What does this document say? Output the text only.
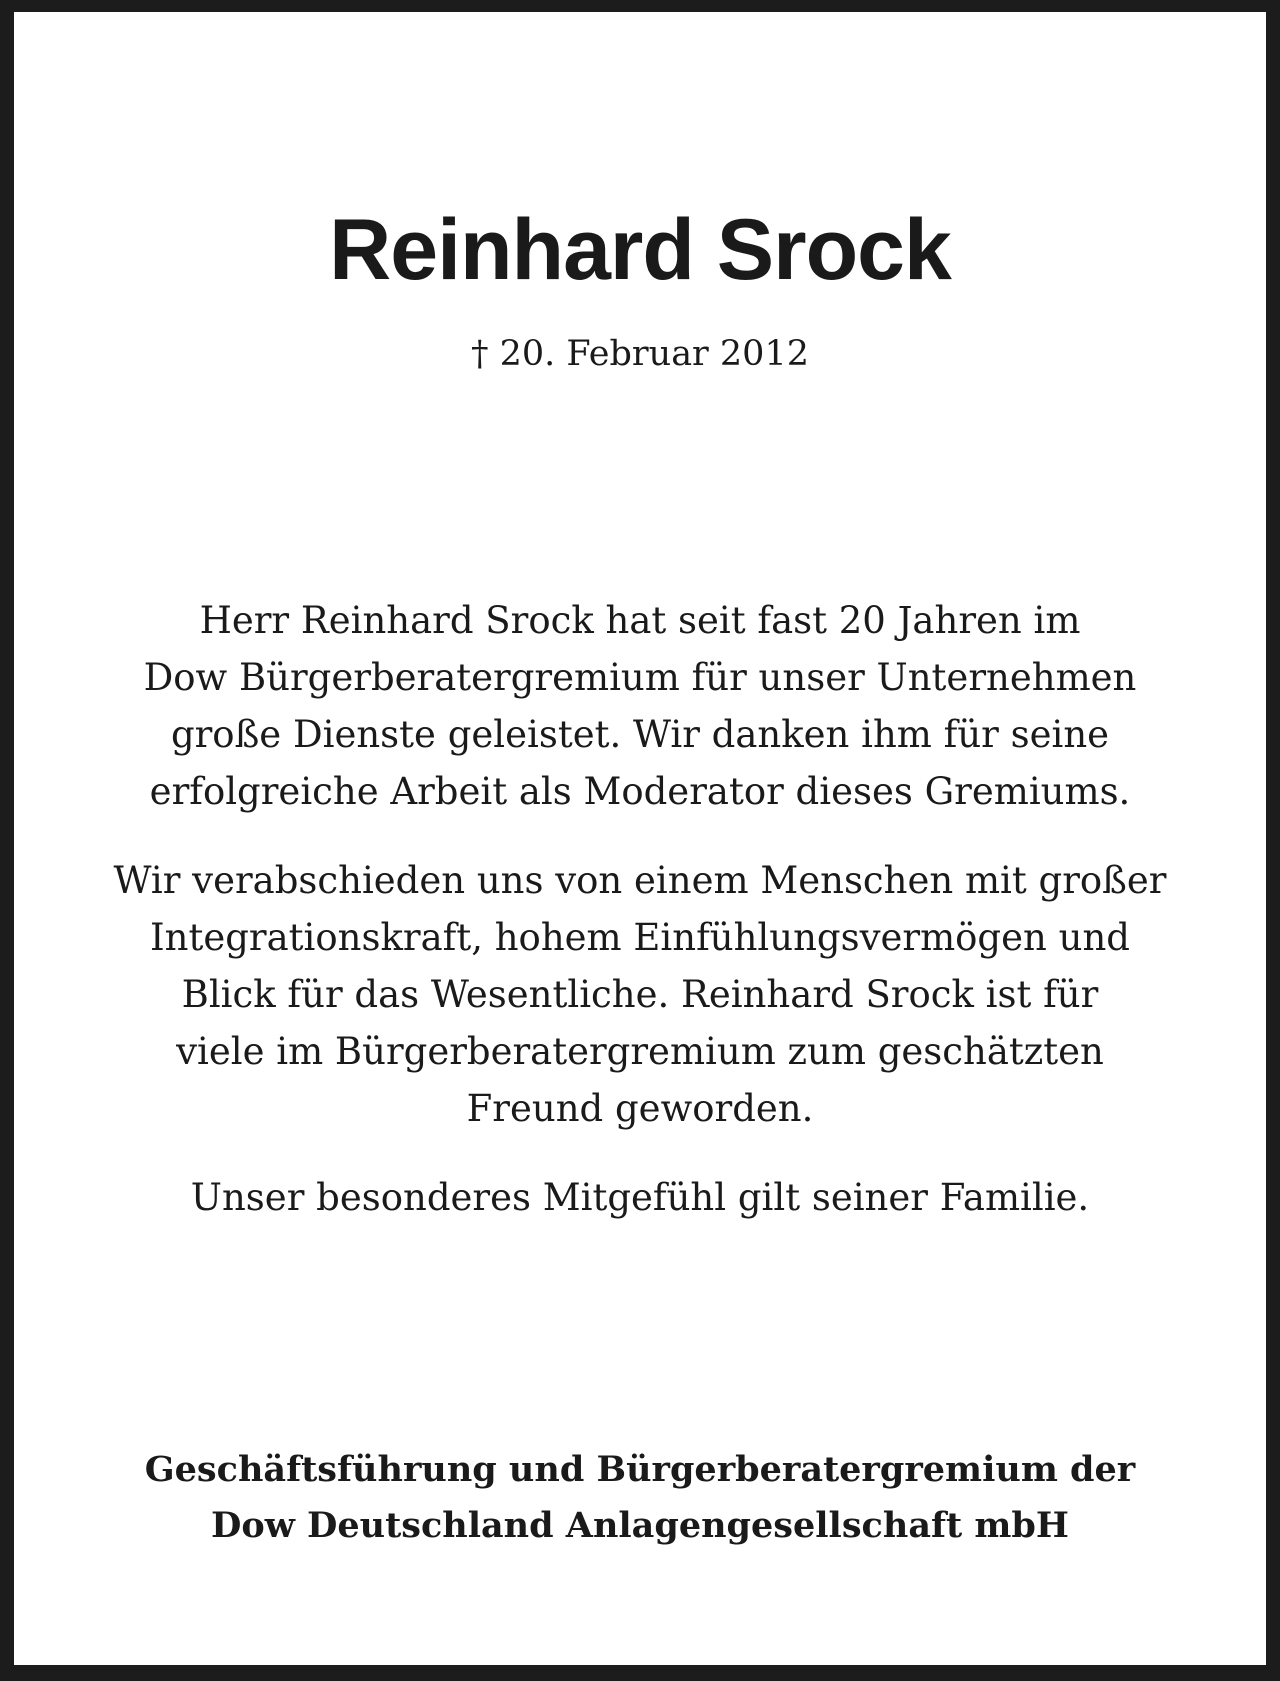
Reinhard Srock
† 20. Februar 2012

Herr Reinhard Srock hat seit fast 20 Jahren im
Dow Bürgerberatergremium für unser Unternehmen
große Dienste geleistet. Wir danken ihm für seine
erfolgreiche Arbeit als Moderator dieses Gremiums.

Wir verabschieden uns von einem Menschen mit großer
Integrationskraft, hohem Einfühlungsvermögen und
Blick für das Wesentliche. Reinhard Srock ist für
viele im Bürgerberatergremium zum geschätzten
Freund geworden.

Unser besonderes Mitgefühl gilt seiner Familie.

Geschäftsführung und Bürgerberatergremium der
Dow Deutschland Anlagengesellschaft mbH
